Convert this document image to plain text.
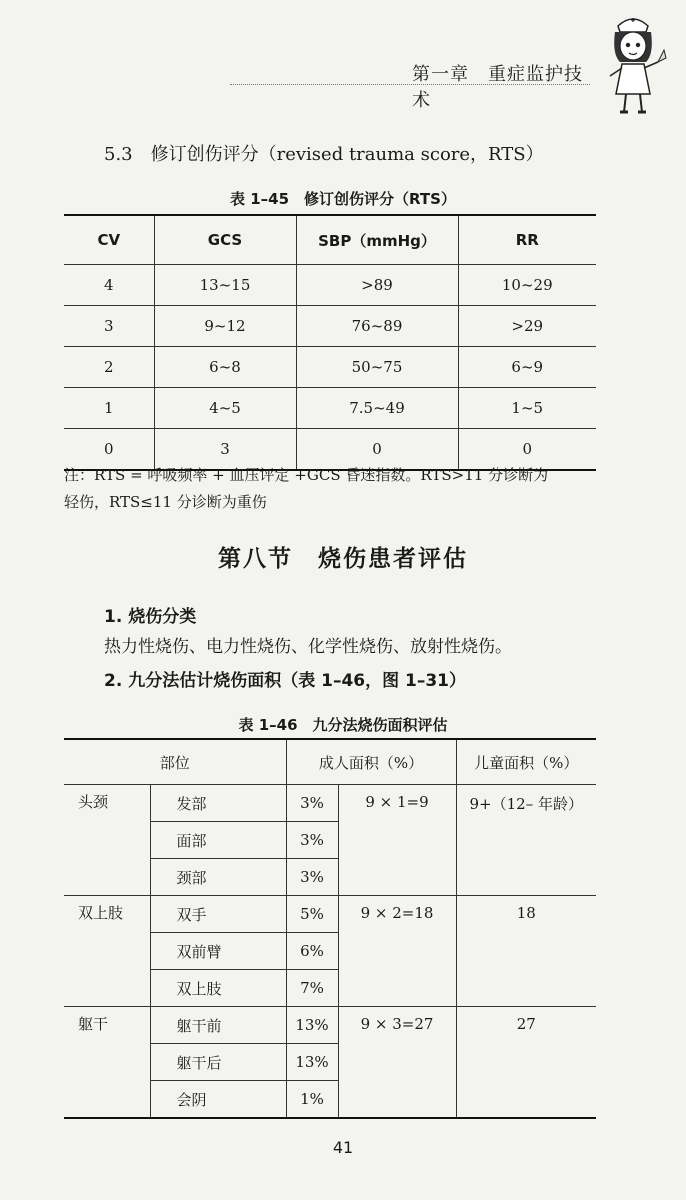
第一章　重症监护技术
5.3　修订创伤评分（revised trauma score，RTS）
表 1–45　修订创伤评分（RTS）
CV	GCS	SBP（mmHg）	RR
4	13~15	>89	10~29
3	9~12	76~89	>29
2	6~8	50~75	6~9
1	4~5	7.5~49	1~5
0	3	0	0
注：RTS = 呼吸频率 + 血压评定 +GCS 昏迷指数。RTS>11 分诊断为
轻伤，RTS≤11 分诊断为重伤
第八节　烧伤患者评估
1. 烧伤分类
热力性烧伤、电力性烧伤、化学性烧伤、放射性烧伤。
2. 九分法估计烧伤面积（表 1–46，图 1–31）
表 1–46　九分法烧伤面积评估
部位		成人面积（%）		儿童面积（%）
头颈	发部	3%	9 × 1=9	9+（12– 年龄）
	面部	3%		
	颈部	3%		
双上肢	双手	5%	9 × 2=18	18
	双前臂	6%		
	双上肢	7%		
躯干	躯干前	13%	9 × 3=27	27
	躯干后	13%		
	会阴	1%		
41
